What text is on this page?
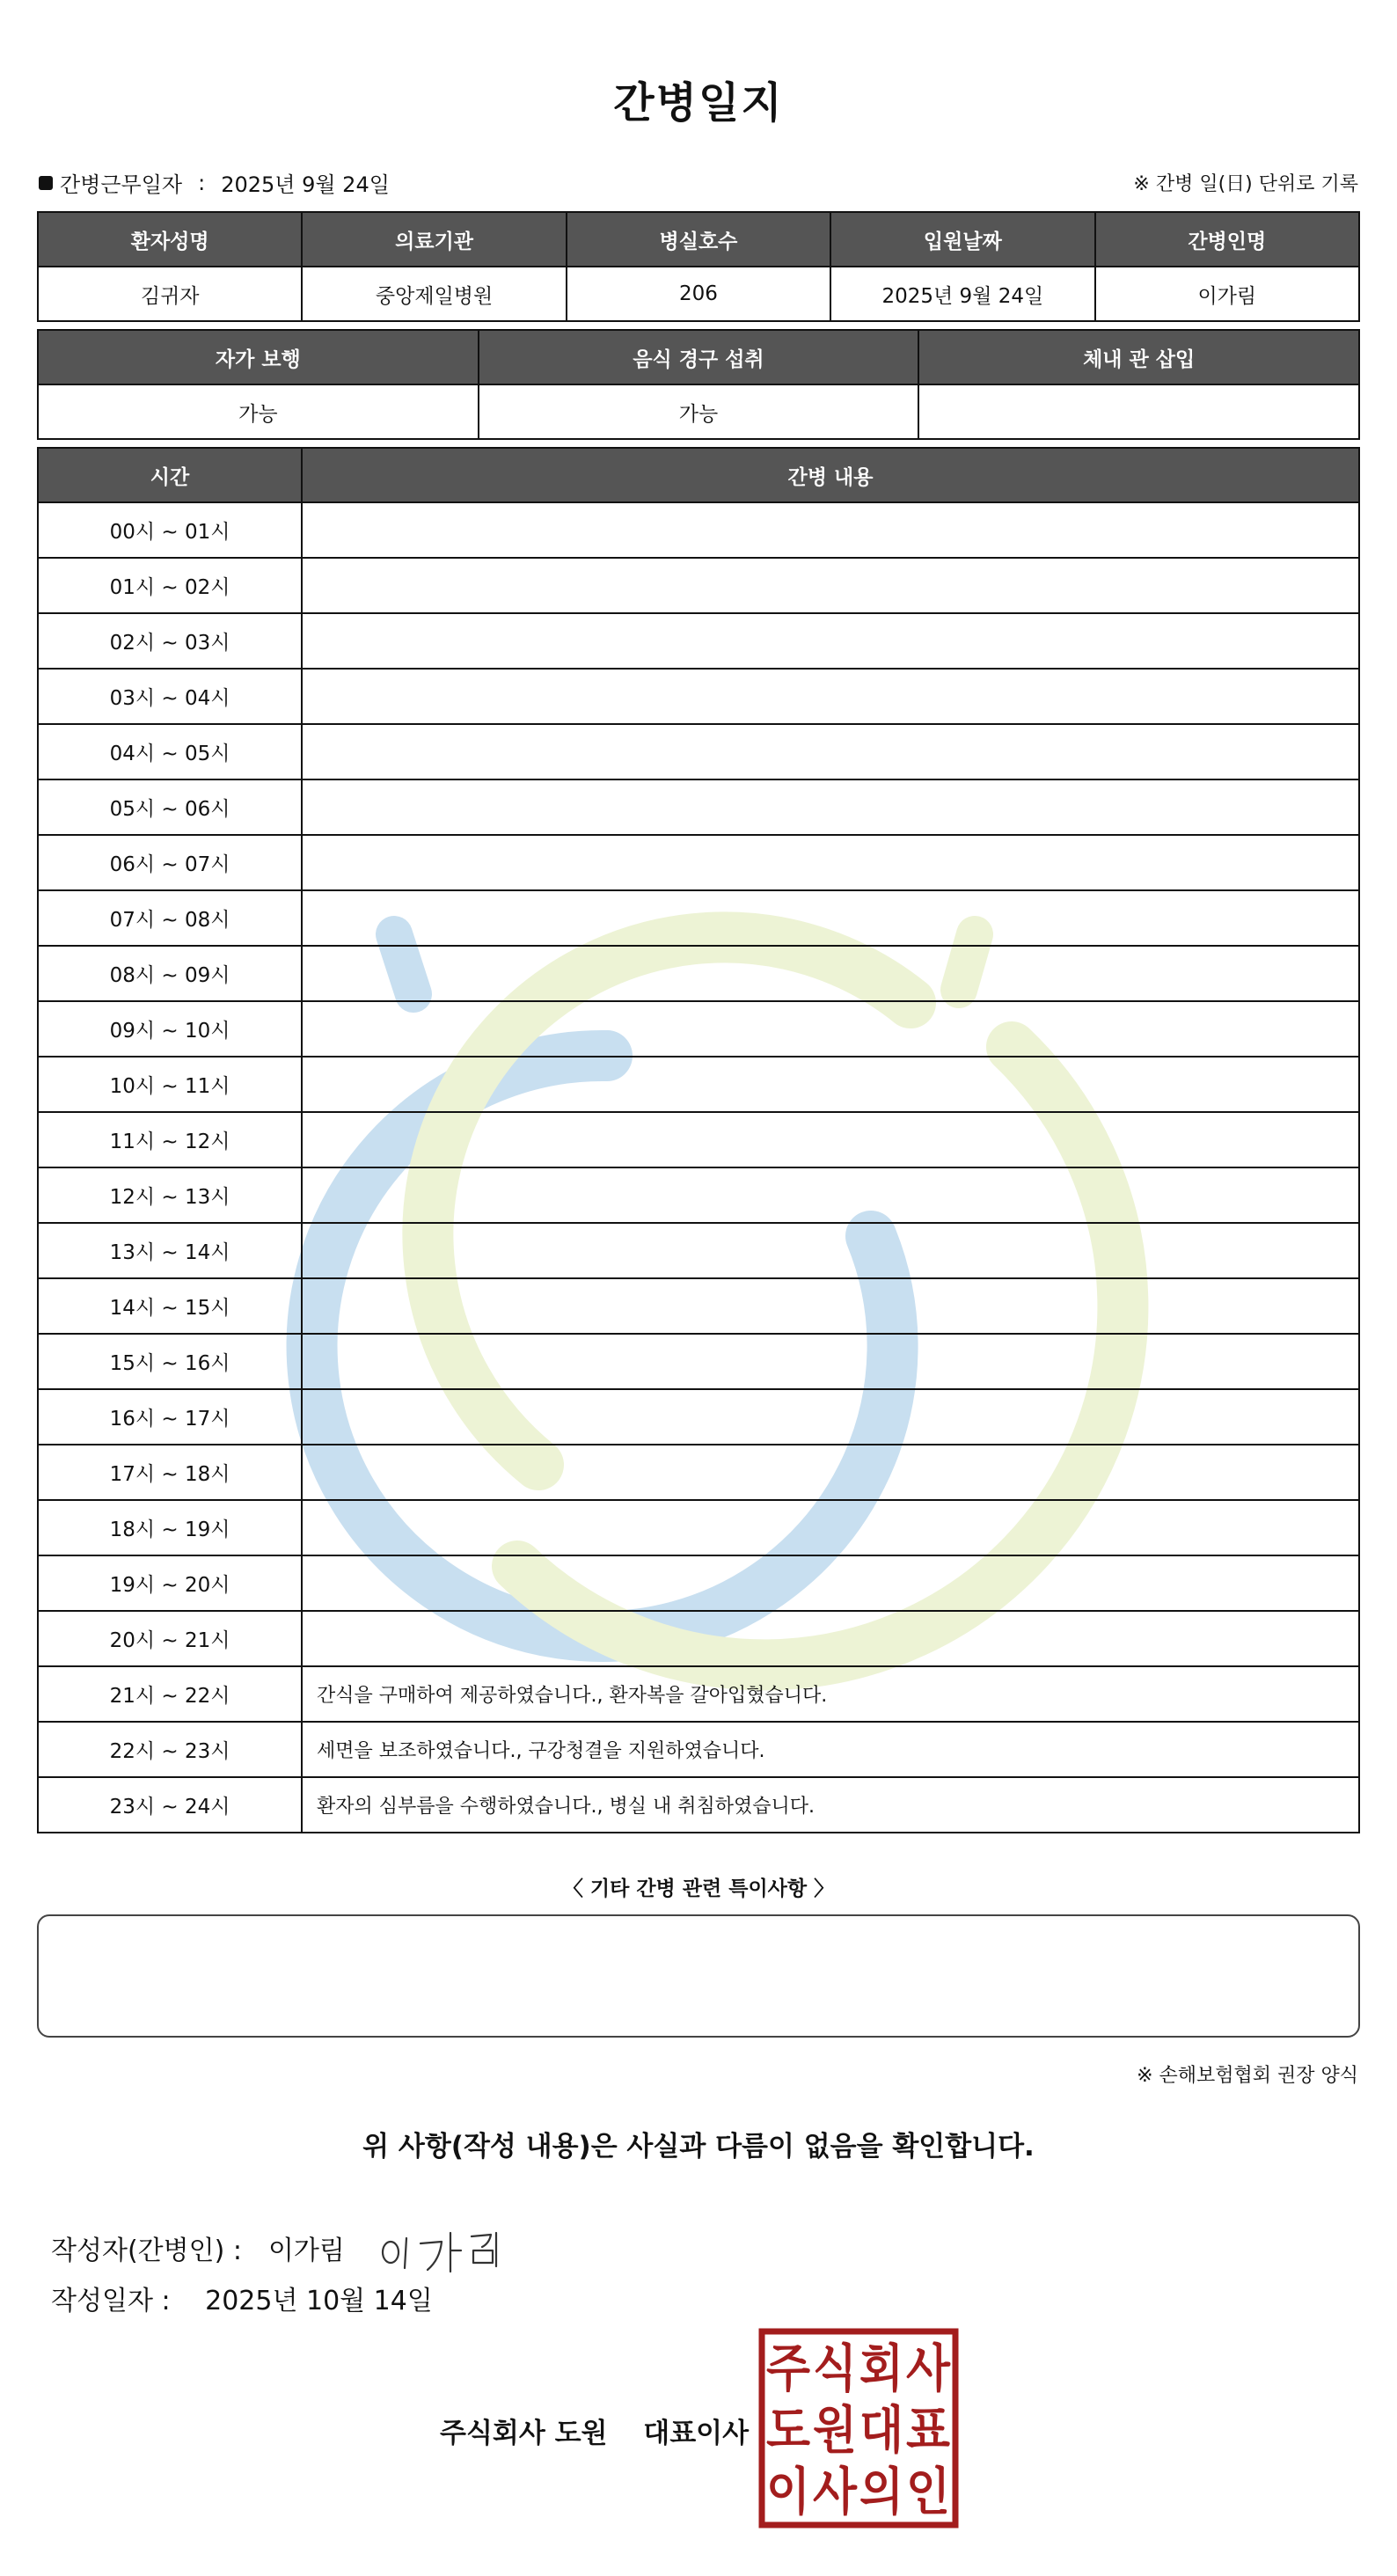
간병일지
간병근무일자 : 2025년 9월 24일	※ 간병 일(日) 단위로 기록
환자성명	의료기관	병실호수	입원날짜	간병인명
김귀자	중앙제일병원	206	2025년 9월 24일	이가림
자가 보행	음식 경구 섭취	체내 관 삽입
가능	가능	
시간	간병 내용
00시 ~ 01시	
01시 ~ 02시	
02시 ~ 03시	
03시 ~ 04시	
04시 ~ 05시	
05시 ~ 06시	
06시 ~ 07시	
07시 ~ 08시	
08시 ~ 09시	
09시 ~ 10시	
10시 ~ 11시	
11시 ~ 12시	
12시 ~ 13시	
13시 ~ 14시	
14시 ~ 15시	
15시 ~ 16시	
16시 ~ 17시	
17시 ~ 18시	
18시 ~ 19시	
19시 ~ 20시	
20시 ~ 21시	
21시 ~ 22시	간식을 구매하여 제공하였습니다., 환자복을 갈아입혔습니다.
22시 ~ 23시	세면을 보조하였습니다., 구강청결을 지원하였습니다.
23시 ~ 24시	환자의 심부름을 수행하였습니다., 병실 내 취침하였습니다.
〈 기타 간병 관련 특이사항 〉
※ 손해보험협회 권장 양식
위 사항(작성 내용)은 사실과 다름이 없음을 확인합니다.
작성자(간병인) : 이가림
작성일자 : 2025년 10월 14일
주식회사 도원 대표이사
주 식 회 사
도 원 대 표
이 사 의 인
